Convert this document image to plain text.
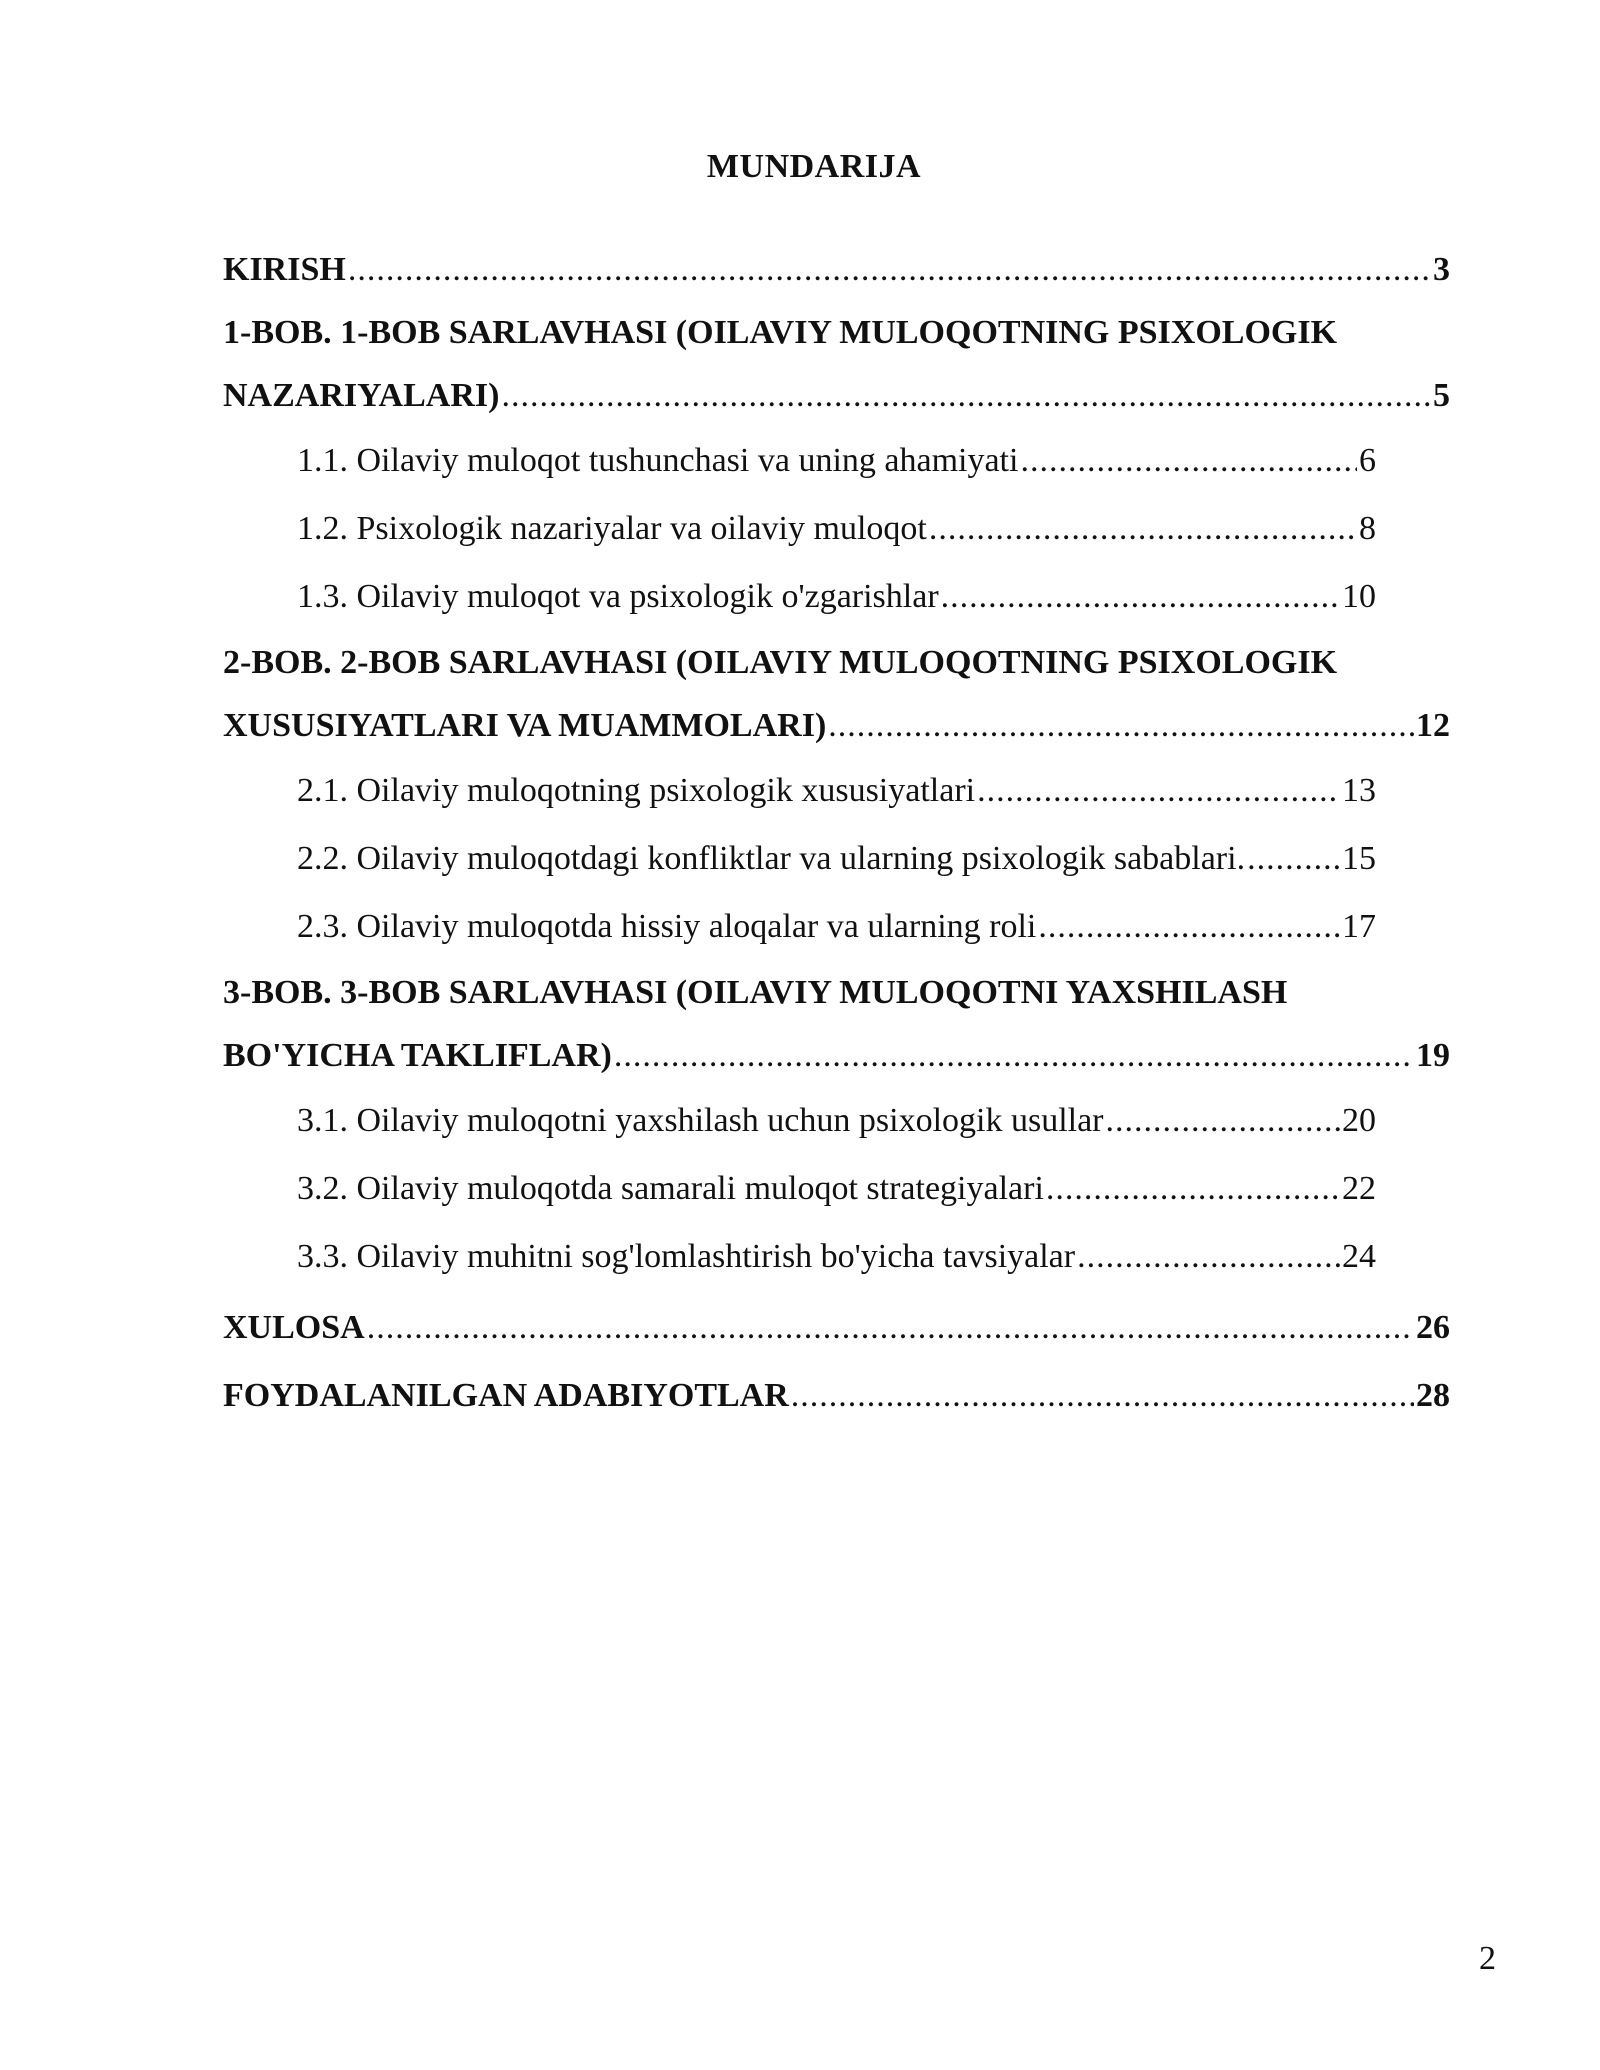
MUNDARIJA
KIRISH .....	3
1-BOB. 1-BOB SARLAVHASI (OILAVIY MULOQOTNING PSIXOLOGIK
NAZARIYALARI) .....	5
1.1. Oilaviy muloqot tushunchasi va uning ahamiyati .....	6
1.2. Psixologik nazariyalar va oilaviy muloqot .....	8
1.3. Oilaviy muloqot va psixologik o'zgarishlar .....	10
2-BOB. 2-BOB SARLAVHASI (OILAVIY MULOQOTNING PSIXOLOGIK
XUSUSIYATLARI VA MUAMMOLARI) .....	12
2.1. Oilaviy muloqotning psixologik xususiyatlari .....	13
2.2. Oilaviy muloqotdagi konfliktlar va ularning psixologik sabablari. .....	15
2.3. Oilaviy muloqotda hissiy aloqalar va ularning roli .....	17
3-BOB. 3-BOB SARLAVHASI (OILAVIY MULOQOTNI YAXSHILASH
BO'YICHA TAKLIFLAR) .....	19
3.1. Oilaviy muloqotni yaxshilash uchun psixologik usullar .....	20
3.2. Oilaviy muloqotda samarali muloqot strategiyalari .....	22
3.3. Oilaviy muhitni sog'lomlashtirish bo'yicha tavsiyalar .....	24
XULOSA .....	26
FOYDALANILGAN ADABIYOTLAR .....	28
2
